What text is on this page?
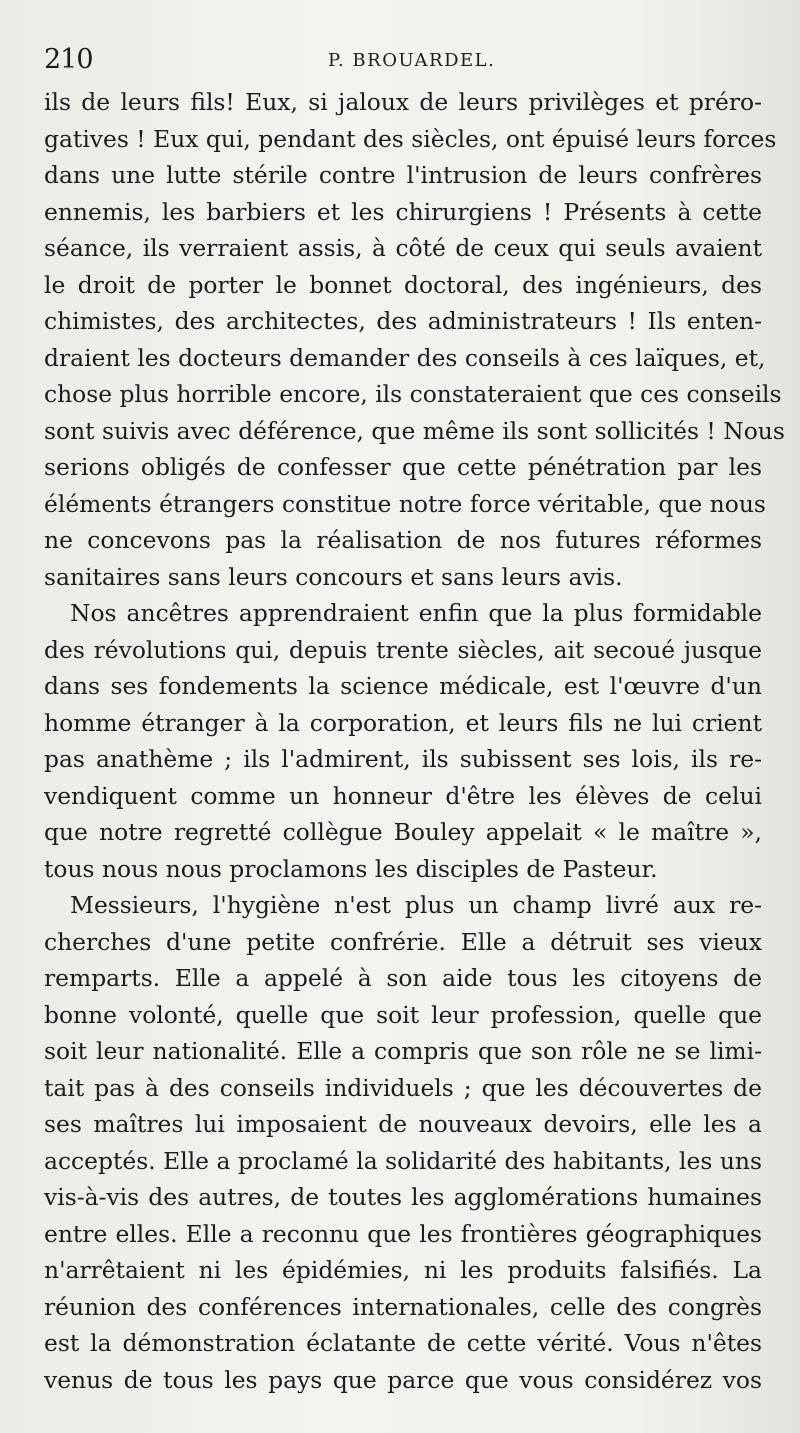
210	P. BROUARDEL.
ils de leurs fils! Eux, si jaloux de leurs privilèges et préro-
gatives ! Eux qui, pendant des siècles, ont épuisé leurs forces
dans une lutte stérile contre l'intrusion de leurs confrères
ennemis, les barbiers et les chirurgiens ! Présents à cette
séance, ils verraient assis, à côté de ceux qui seuls avaient
le droit de porter le bonnet doctoral, des ingénieurs, des
chimistes, des architectes, des administrateurs ! Ils enten-
draient les docteurs demander des conseils à ces laïques, et,
chose plus horrible encore, ils constateraient que ces conseils
sont suivis avec déférence, que même ils sont sollicités ! Nous
serions obligés de confesser que cette pénétration par les
éléments étrangers constitue notre force véritable, que nous
ne concevons pas la réalisation de nos futures réformes
sanitaires sans leurs concours et sans leurs avis.
Nos ancêtres apprendraient enfin que la plus formidable
des révolutions qui, depuis trente siècles, ait secoué jusque
dans ses fondements la science médicale, est l'œuvre d'un
homme étranger à la corporation, et leurs fils ne lui crient
pas anathème ; ils l'admirent, ils subissent ses lois, ils re-
vendiquent comme un honneur d'être les élèves de celui
que notre regretté collègue Bouley appelait « le maître »,
tous nous nous proclamons les disciples de Pasteur.
Messieurs, l'hygiène n'est plus un champ livré aux re-
cherches d'une petite confrérie. Elle a détruit ses vieux
remparts. Elle a appelé à son aide tous les citoyens de
bonne volonté, quelle que soit leur profession, quelle que
soit leur nationalité. Elle a compris que son rôle ne se limi-
tait pas à des conseils individuels ; que les découvertes de
ses maîtres lui imposaient de nouveaux devoirs, elle les a
acceptés. Elle a proclamé la solidarité des habitants, les uns
vis-à-vis des autres, de toutes les agglomérations humaines
entre elles. Elle a reconnu que les frontières géographiques
n'arrêtaient ni les épidémies, ni les produits falsifiés. La
réunion des conférences internationales, celle des congrès
est la démonstration éclatante de cette vérité. Vous n'êtes
venus de tous les pays que parce que vous considérez vos
